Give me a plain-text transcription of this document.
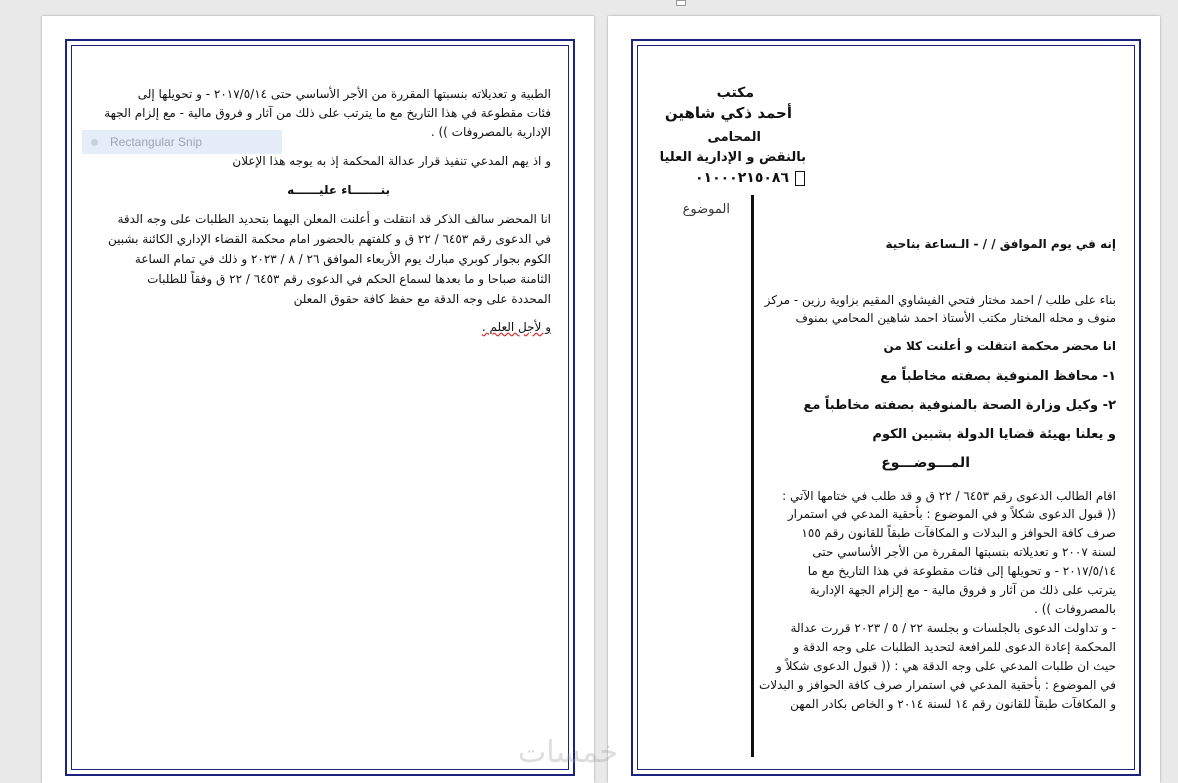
الطبية و تعديلاته بنسبتها المقررة من الأجر الأساسي حتى ٢٠١٧/٥/١٤ - و تحويلها إلى
فئات مقطوعة في هذا التاريخ مع ما يترتب على ذلك من آثار و فروق مالية - مع إلزام الجهة
الإدارية بالمصروفات )) .
Rectangular Snip
و اذ يهم المدعي تنفيذ قرار عدالة المحكمة إذ به يوجه هذا الإعلان
بنـــــــاء عليــــــه
انا المحضر سالف الذكر قد انتقلت و أعلنت المعلن اليهما بتحديد الطلبات على وجه الدقة
في الدعوى رقم ٦٤٥٣ / ٢٢ ق و كلفتهم بالحضور امام محكمة القضاء الإداري الكائنة بشبين
الكوم بجوار كوبري مبارك يوم الأربعاء الموافق ٢٦ / ٨ / ٢٠٢٣ و ذلك في تمام الساعة
الثامنة صباحا و ما بعدها لسماع الحكم في الدعوى رقم ٦٤٥٣ / ٢٢ ق وفقاً للطلبات
المحددة على وجه الدقة مع حفظ كافة حقوق المعلن
و لأجل العلم .
مكتب
أحمد ذكي شاهين
المحامى
بالنقض و الإدارية العليا
٠١٠٠٠٢١٥٠٨٦
الموضوع
إنه في يوم الموافق / / - الـساعة بناحية
بناء على طلب / احمد مختار فتحي الفيشاوي المقيم بزاوية رزين - مركز
منوف و محله المختار مكتب الأستاذ احمد شاهين المحامي بمنوف
انا محضر محكمة انتقلت و أعلنت كلا من
١- محافظ المنوفية بصفته مخاطباً مع
٢- وكيل وزارة الصحة بالمنوفية بصفته مخاطباً مع
و يعلنا بهيئة قضايا الدولة بشبين الكوم
المـــوضـــوع
اقام الطالب الدعوى رقم ٦٤٥٣ / ٢٢ ق و قد طلب في ختامها الآتي :
(( قبول الدعوى شكلاً و في الموضوع : بأحقية المدعي في استمرار
صرف كافة الحوافز و البدلات و المكافآت طبقاً للقانون رقم ١٥٥
لسنة ٢٠٠٧ و تعديلاته بنسبتها المقررة من الأجر الأساسي حتى
٢٠١٧/٥/١٤ - و تحويلها إلى فئات مقطوعة في هذا التاريخ مع ما
يترتب على ذلك من آثار و فروق مالية - مع إلزام الجهة الإدارية
بالمصروفات )) .
- و تداولت الدعوى بالجلسات و بجلسة ٢٢ / ٥ / ٢٠٢٣ قررت عدالة
المحكمة إعادة الدعوى للمرافعة لتحديد الطلبات على وجه الدقة و
حيث ان طلبات المدعي على وجه الدقة هي : (( قبول الدعوى شكلاً و
في الموضوع : بأحقية المدعي في استمرار صرف كافة الحوافز و البدلات
و المكافآت طبقاً للقانون رقم ١٤ لسنة ٢٠١٤ و الخاص بكادر المهن
خمسات
